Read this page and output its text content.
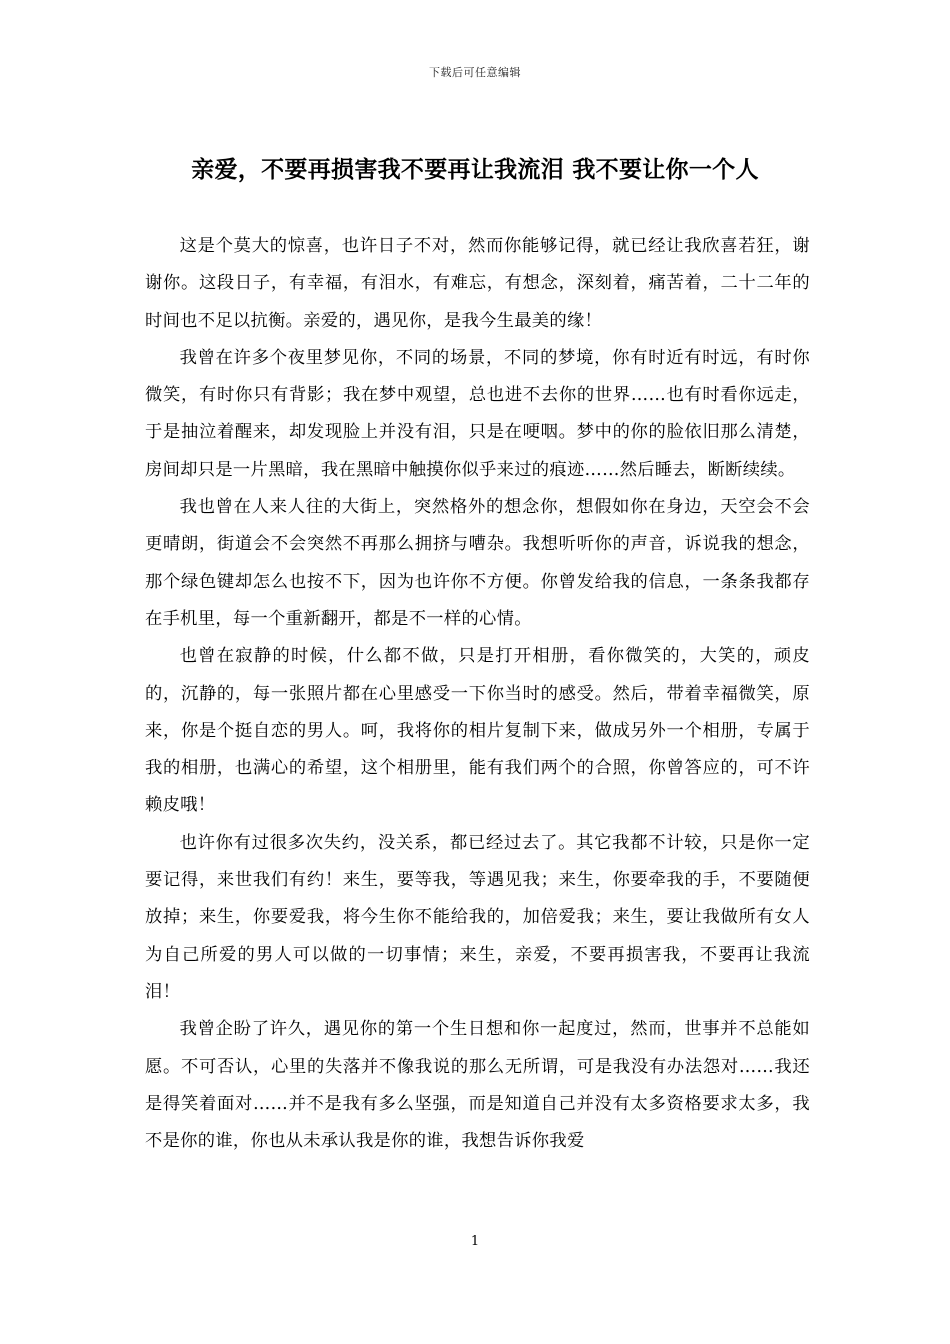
下载后可任意编辑
亲爱，不要再损害我不要再让我流泪 我不要让你一个人

这是个莫大的惊喜，也许日子不对，然而你能够记得，就已经让我欣喜若狂，谢谢你。这段日子，有幸福，有泪水，有难忘，有想念，深刻着，痛苦着，二十二年的时间也不足以抗衡。亲爱的，遇见你，是我今生最美的缘！

我曾在许多个夜里梦见你，不同的场景，不同的梦境，你有时近有时远，有时你微笑，有时你只有背影；我在梦中观望，总也进不去你的世界……也有时看你远走，于是抽泣着醒来，却发现脸上并没有泪，只是在哽咽。梦中的你的脸依旧那么清楚，房间却只是一片黑暗，我在黑暗中触摸你似乎来过的痕迹……然后睡去，断断续续。

我也曾在人来人往的大街上，突然格外的想念你，想假如你在身边，天空会不会更晴朗，街道会不会突然不再那么拥挤与嘈杂。我想听听你的声音，诉说我的想念，那个绿色键却怎么也按不下，因为也许你不方便。你曾发给我的信息，一条条我都存在手机里，每一个重新翻开，都是不一样的心情。

也曾在寂静的时候，什么都不做，只是打开相册，看你微笑的，大笑的，顽皮的，沉静的，每一张照片都在心里感受一下你当时的感受。然后，带着幸福微笑，原来，你是个挺自恋的男人。呵，我将你的相片复制下来，做成另外一个相册，专属于我的相册，也满心的希望，这个相册里，能有我们两个的合照，你曾答应的，可不许赖皮哦！

也许你有过很多次失约，没关系，都已经过去了。其它我都不计较，只是你一定要记得，来世我们有约！来生，要等我，等遇见我；来生，你要牵我的手，不要随便放掉；来生，你要爱我，将今生你不能给我的，加倍爱我；来生，要让我做所有女人为自己所爱的男人可以做的一切事情；来生，亲爱，不要再损害我，不要再让我流泪！

我曾企盼了许久，遇见你的第一个生日想和你一起度过，然而，世事并不总能如愿。不可否认，心里的失落并不像我说的那么无所谓，可是我没有办法怨对……我还是得笑着面对……并不是我有多么坚强，而是知道自己并没有太多资格要求太多，我不是你的谁，你也从未承认我是你的谁，我想告诉你我爱

1
